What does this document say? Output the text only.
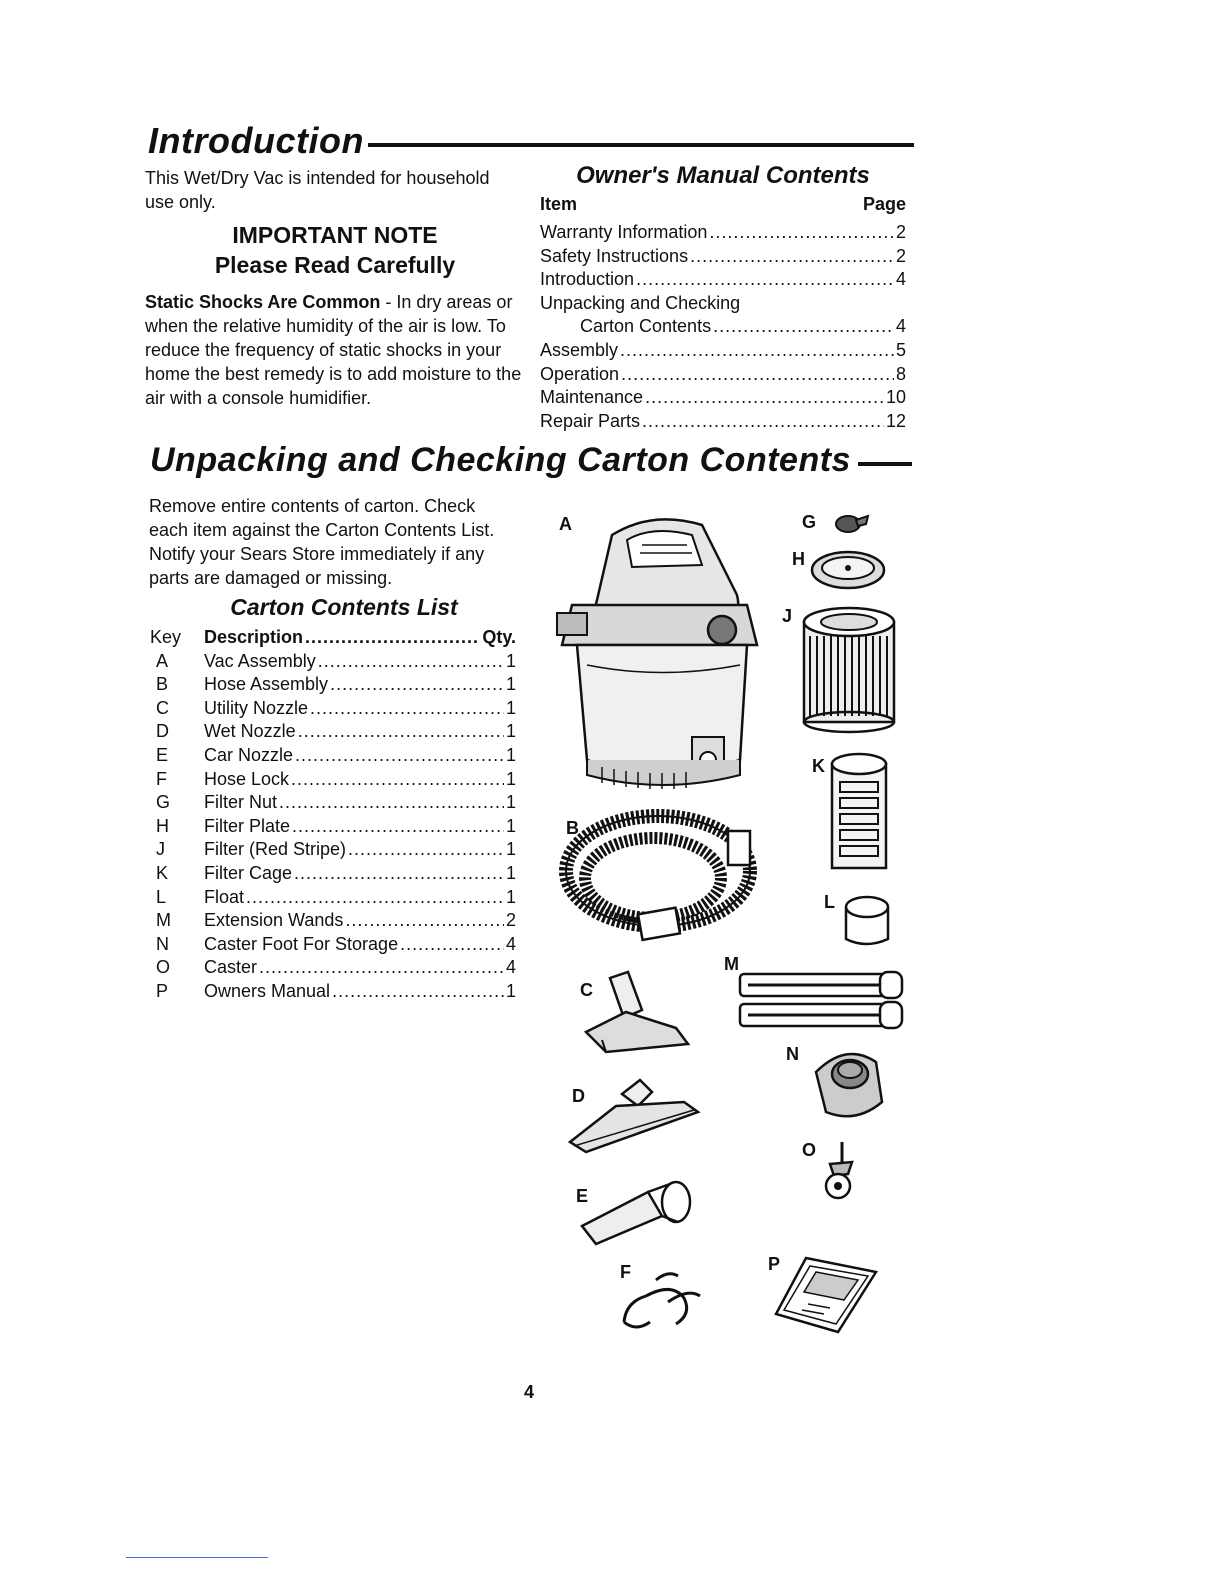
Introduction
This Wet/Dry Vac is intended for household use only.
IMPORTANT NOTE
Please Read Carefully
Static Shocks Are Common - In dry areas or when the relative humidity of the air is low. To reduce the frequency of static shocks in your home the best remedy is to add moisture to the air with a console humidifier.
Owner's Manual Contents
Item	Page
Warranty Information .....	2
Safety Instructions .....	2
Introduction .....	4
Unpacking and Checking
Carton Contents .....	4
Assembly .....	5
Operation .....	8
Maintenance .....	10
Repair Parts .....	12
Unpacking and Checking Carton Contents
Remove entire contents of carton. Check each item against the Carton Contents List. Notify your Sears Store immediately if any parts are damaged or missing.
Carton Contents List
Key	Description .....	Qty.
A	Vac Assembly .....	1
B	Hose Assembly .....	1
C	Utility Nozzle .....	1
D	Wet Nozzle .....	1
E	Car Nozzle .....	1
F	Hose Lock .....	1
G	Filter Nut .....	1
H	Filter Plate .....	1
J	Filter (Red Stripe) .....	1
K	Filter Cage .....	1
L	Float .....	1
M	Extension Wands .....	2
N	Caster Foot For Storage .....	4
O	Caster .....	4
P	Owners Manual .....	1
A
B
G
H
J
K
L
M
C
D
E
N
O
F	P
4
